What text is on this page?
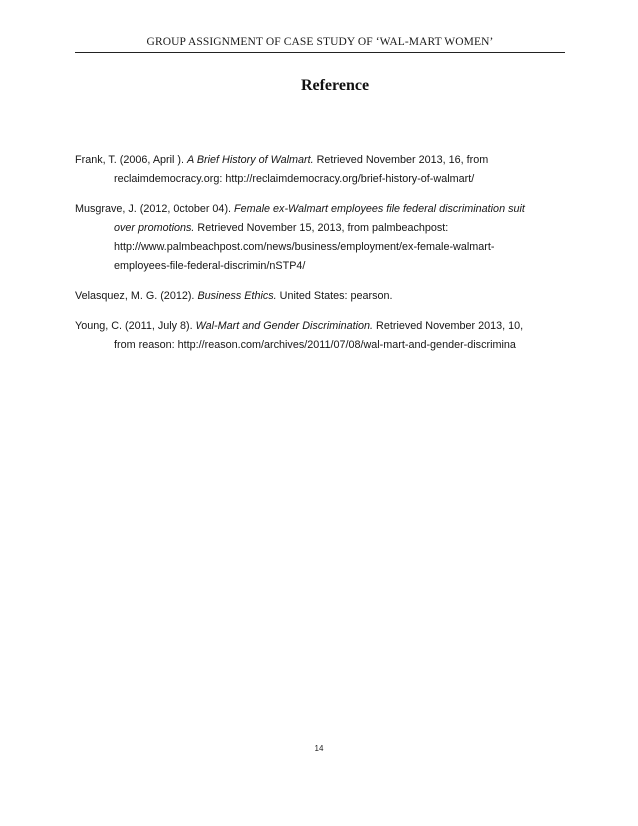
GROUP ASSIGNMENT OF CASE STUDY OF ‘WAL-MART WOMEN’
Reference
Frank, T. (2006, April ). A Brief History of Walmart. Retrieved November 2013, 16, from
reclaimdemocracy.org: http://reclaimdemocracy.org/brief-history-of-walmart/
Musgrave, J. (2012, 0ctober 04). Female ex-Walmart employees file federal discrimination suit
over promotions. Retrieved November 15, 2013, from palmbeachpost:
http://www.palmbeachpost.com/news/business/employment/ex-female-walmart-
employees-file-federal-discrimin/nSTP4/
Velasquez, M. G. (2012). Business Ethics. United States: pearson.
Young, C. (2011, July 8). Wal-Mart and Gender Discrimination. Retrieved November 2013, 10,
from reason: http://reason.com/archives/2011/07/08/wal-mart-and-gender-discrimina
14
